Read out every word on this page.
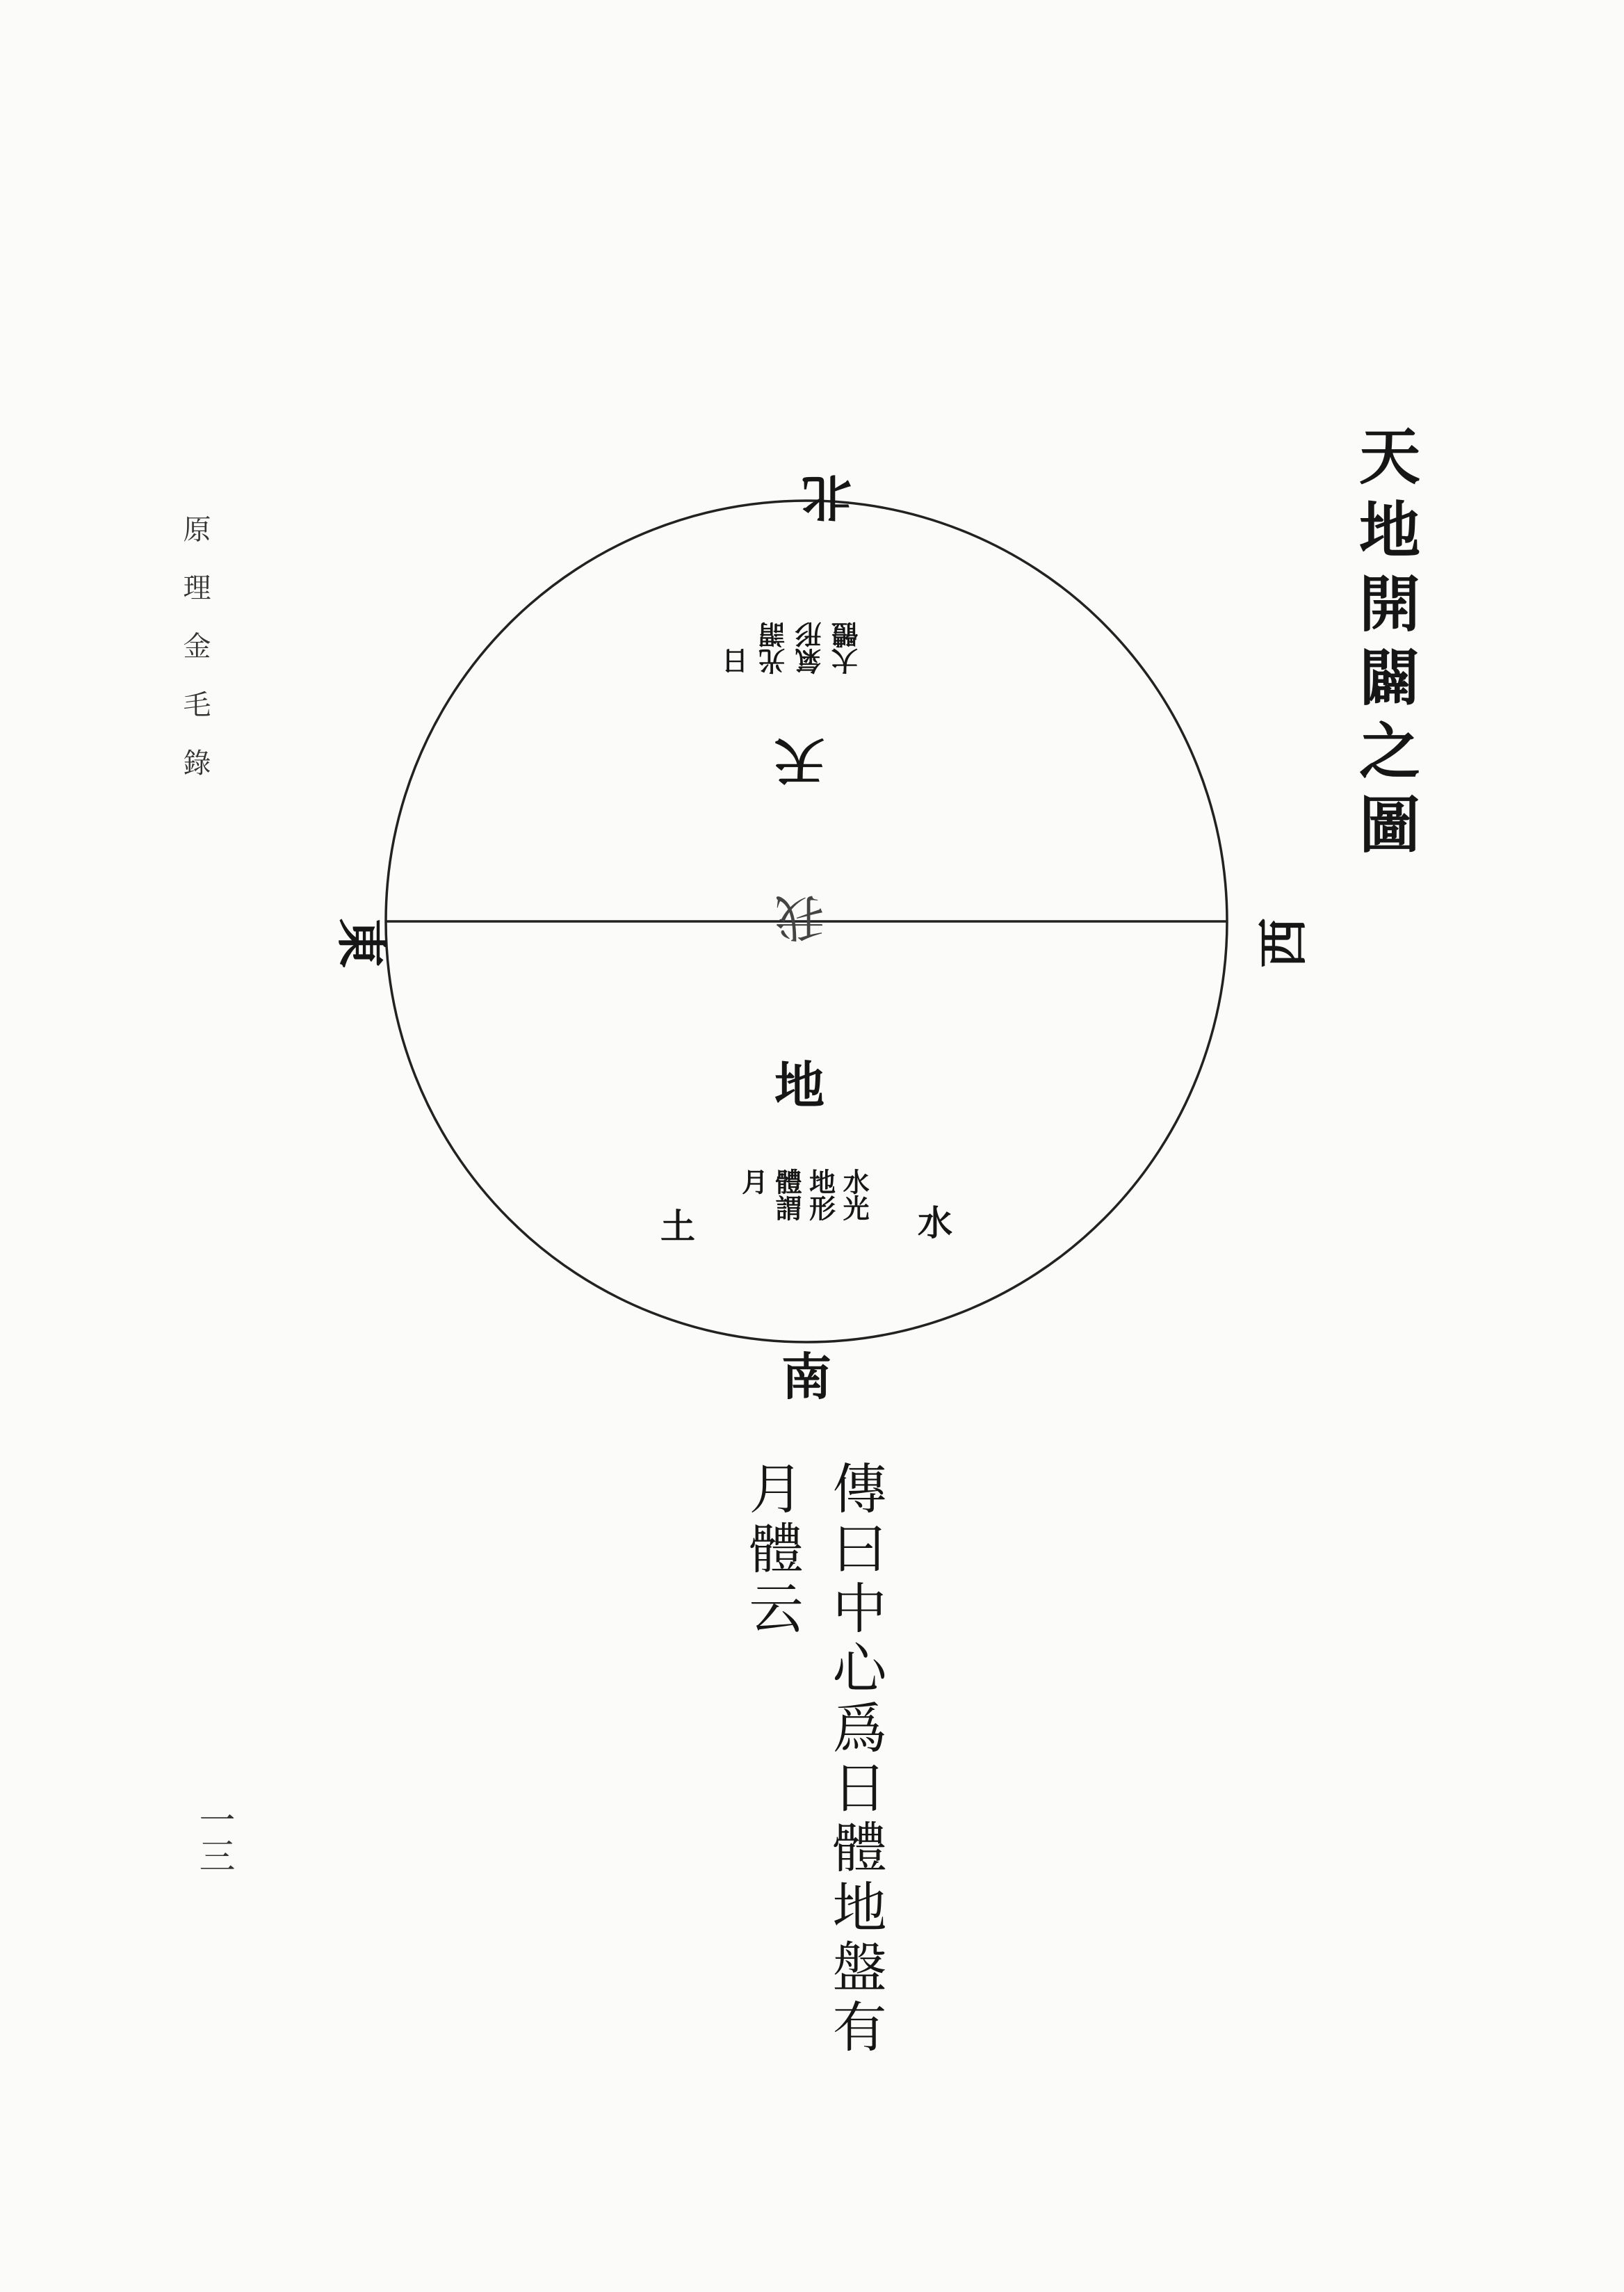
天地開闢之圖
原理金毛錄
一三
北
南
東	西
天
我
地
日 光謂 氣形 大體
水光
地形
體謂
月
水
土
傳曰中心爲日體地盤有
月體云
